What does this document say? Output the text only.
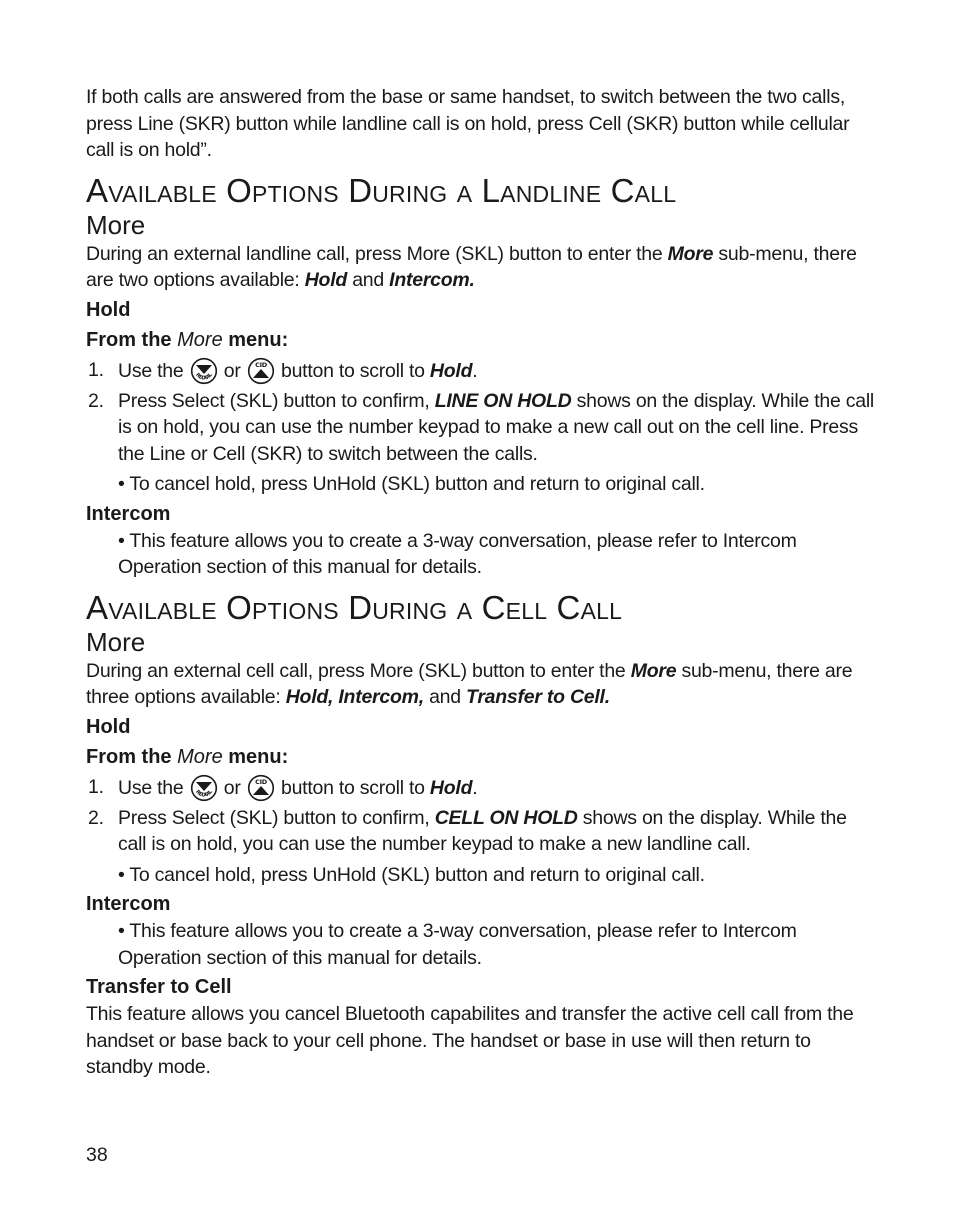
If both calls are answered from the base or same handset, to switch between the two calls, press Line (SKR) button while landline call is on hold, press Cell (SKR) button while cellular call is on hold”.

Available Options During a Landline Call
More

During an external landline call, press More (SKL) button to enter the More sub-menu, there are two options available: Hold and Intercom.

Hold
From the More menu:
1. Use the REDIAL or CID button to scroll to Hold.
2. Press Select (SKL) button to confirm, LINE ON HOLD shows on the display. While the call is on hold, you can use the number keypad to make a new call out on the cell line. Press the Line or Cell (SKR) to switch between the calls.

• To cancel hold, press UnHold (SKL) button and return to original call.

Intercom

• This feature allows you to create a 3-way conversation, please refer to Intercom Operation section of this manual for details.

Available Options During a Cell Call
More

During an external cell call, press More (SKL) button to enter the More sub-menu, there are three options available: Hold, Intercom, and Transfer to Cell.

Hold
From the More menu:
1. Use the REDIAL or CID button to scroll to Hold.
2. Press Select (SKL) button to confirm, CELL ON HOLD shows on the display. While the call is on hold, you can use the number keypad to make a new landline call.

• To cancel hold, press UnHold (SKL) button and return to original call.

Intercom

• This feature allows you to create a 3-way conversation, please refer to Intercom Operation section of this manual for details.

Transfer to Cell

This feature allows you cancel Bluetooth capabilites and transfer the active cell call from the handset or base back to your cell phone. The handset or base in use will then return to standby mode.

38
